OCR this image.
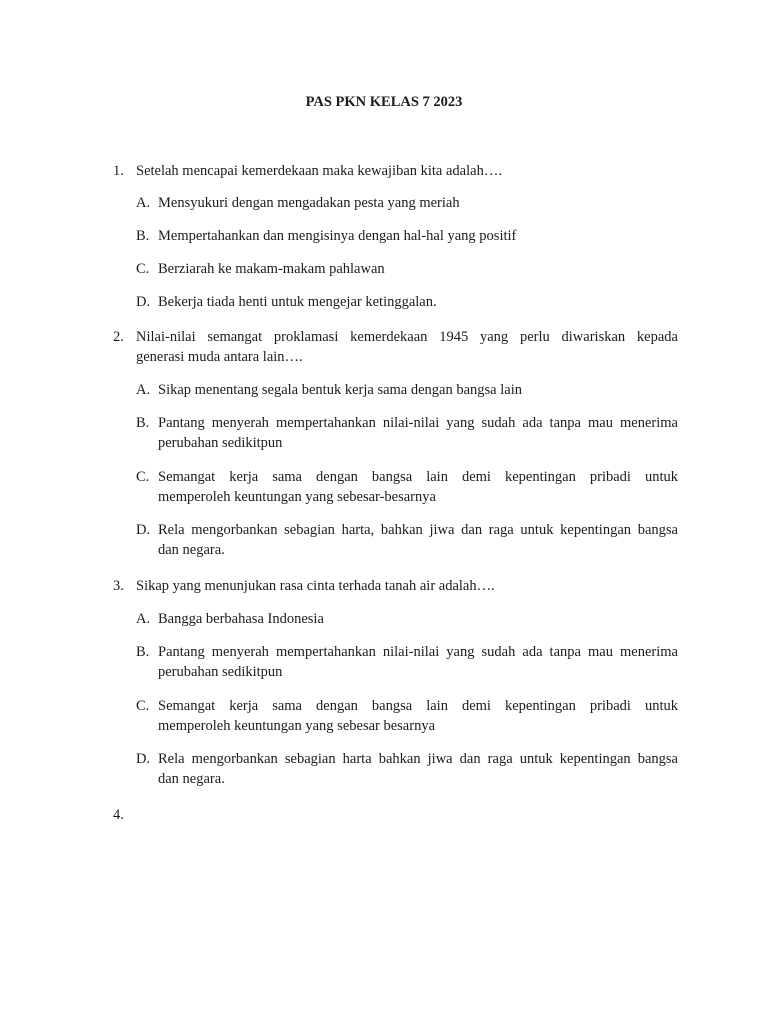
PAS PKN KELAS 7 2023
1. Setelah mencapai kemerdekaan maka kewajiban kita adalah….
A. Mensyukuri dengan mengadakan pesta yang meriah
B. Mempertahankan dan mengisinya dengan hal-hal yang positif
C. Berziarah ke makam-makam pahlawan
D. Bekerja tiada henti untuk mengejar ketinggalan.
2. Nilai-nilai semangat proklamasi kemerdekaan 1945 yang perlu diwariskan kepada
generasi muda antara lain….
A. Sikap menentang segala bentuk kerja sama dengan bangsa lain
B. Pantang menyerah mempertahankan nilai-nilai yang sudah ada tanpa mau menerima
perubahan sedikitpun
C. Semangat kerja sama dengan bangsa lain demi kepentingan pribadi untuk
memperoleh keuntungan yang sebesar-besarnya
D. Rela mengorbankan sebagian harta, bahkan jiwa dan raga untuk kepentingan bangsa
dan negara.
3. Sikap yang menunjukan rasa cinta terhada tanah air adalah….
A. Bangga berbahasa Indonesia
B. Pantang menyerah mempertahankan nilai-nilai yang sudah ada tanpa mau menerima
perubahan sedikitpun
C. Semangat kerja sama dengan bangsa lain demi kepentingan pribadi untuk
memperoleh keuntungan yang sebesar besarnya
D. Rela mengorbankan sebagian harta bahkan jiwa dan raga untuk kepentingan bangsa
dan negara.
4.
